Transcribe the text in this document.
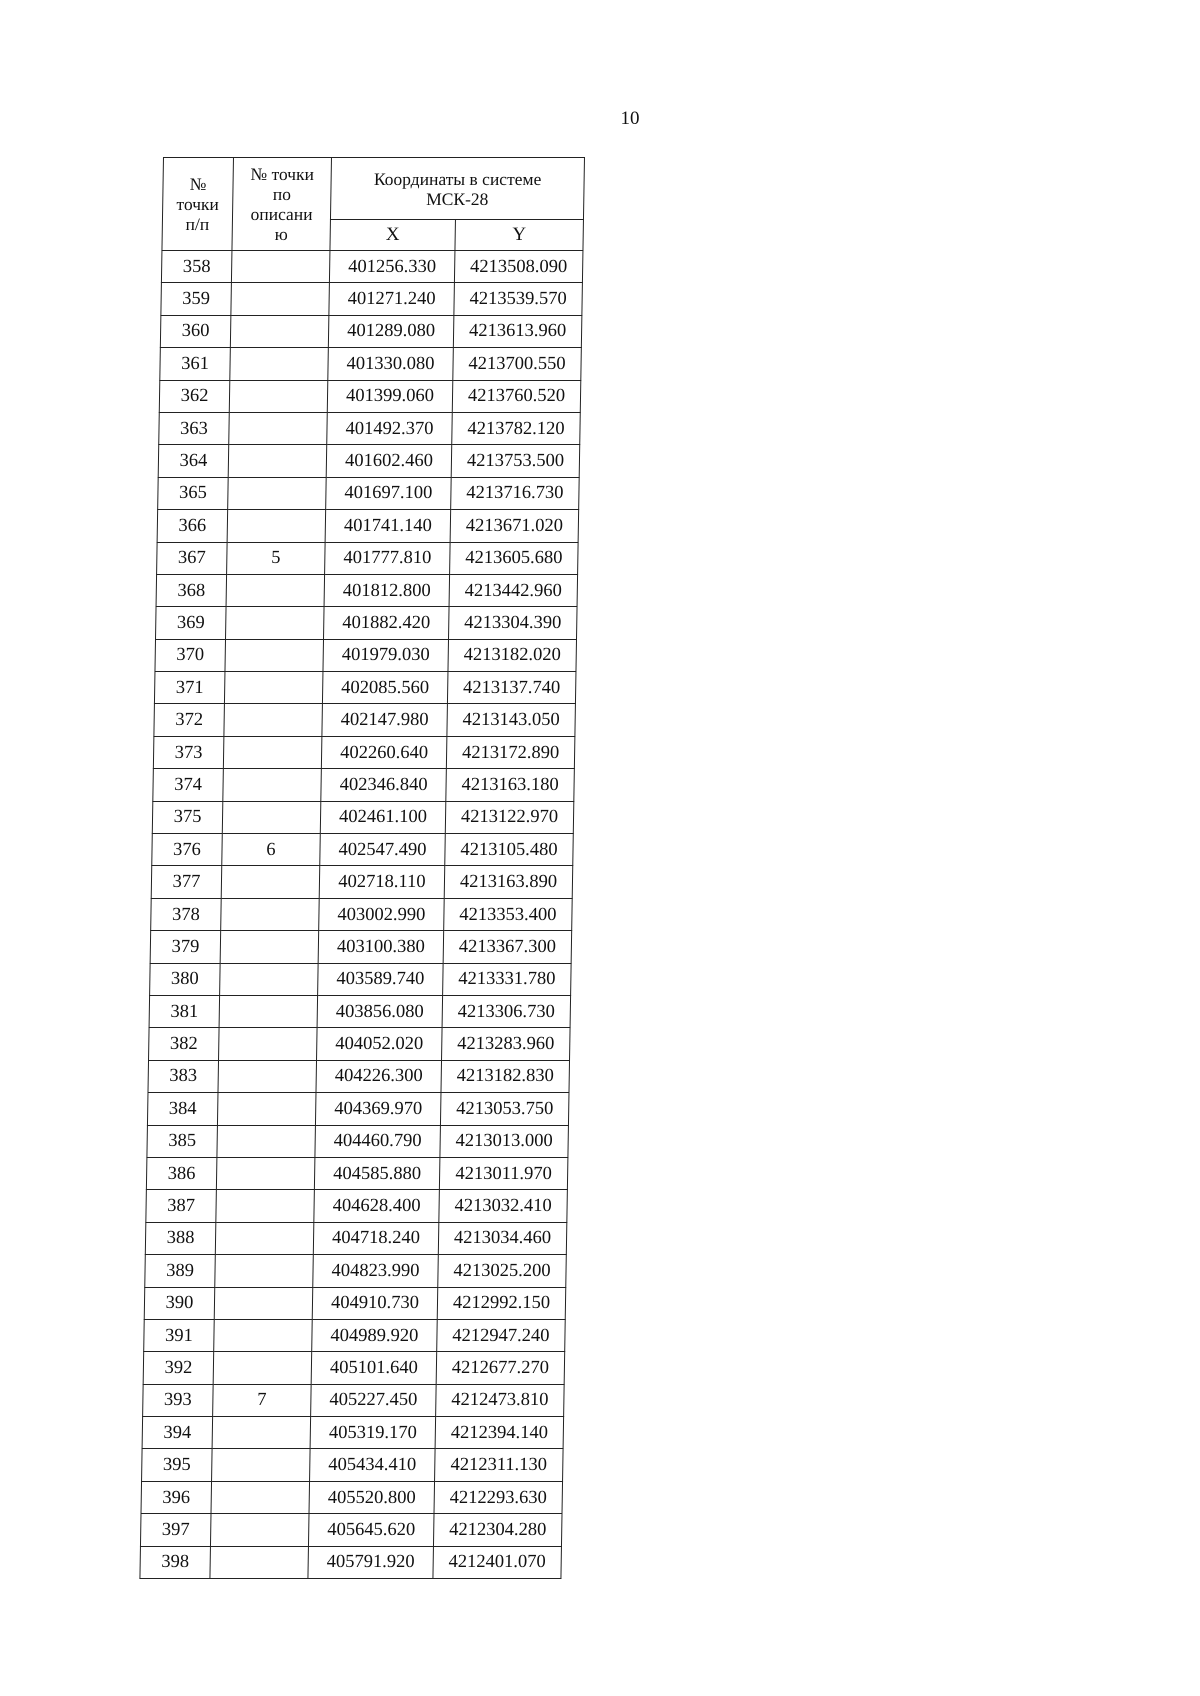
10
№
точки
п/п	№ точки
по
описани
ю	Координаты в системе
МСК-28	
		X	Y
358		401256.330	4213508.090
359		401271.240	4213539.570
360		401289.080	4213613.960
361		401330.080	4213700.550
362		401399.060	4213760.520
363		401492.370	4213782.120
364		401602.460	4213753.500
365		401697.100	4213716.730
366		401741.140	4213671.020
367	5	401777.810	4213605.680
368		401812.800	4213442.960
369		401882.420	4213304.390
370		401979.030	4213182.020
371		402085.560	4213137.740
372		402147.980	4213143.050
373		402260.640	4213172.890
374		402346.840	4213163.180
375		402461.100	4213122.970
376	6	402547.490	4213105.480
377		402718.110	4213163.890
378		403002.990	4213353.400
379		403100.380	4213367.300
380		403589.740	4213331.780
381		403856.080	4213306.730
382		404052.020	4213283.960
383		404226.300	4213182.830
384		404369.970	4213053.750
385		404460.790	4213013.000
386		404585.880	4213011.970
387		404628.400	4213032.410
388		404718.240	4213034.460
389		404823.990	4213025.200
390		404910.730	4212992.150
391		404989.920	4212947.240
392		405101.640	4212677.270
393	7	405227.450	4212473.810
394		405319.170	4212394.140
395		405434.410	4212311.130
396		405520.800	4212293.630
397		405645.620	4212304.280
398		405791.920	4212401.070
